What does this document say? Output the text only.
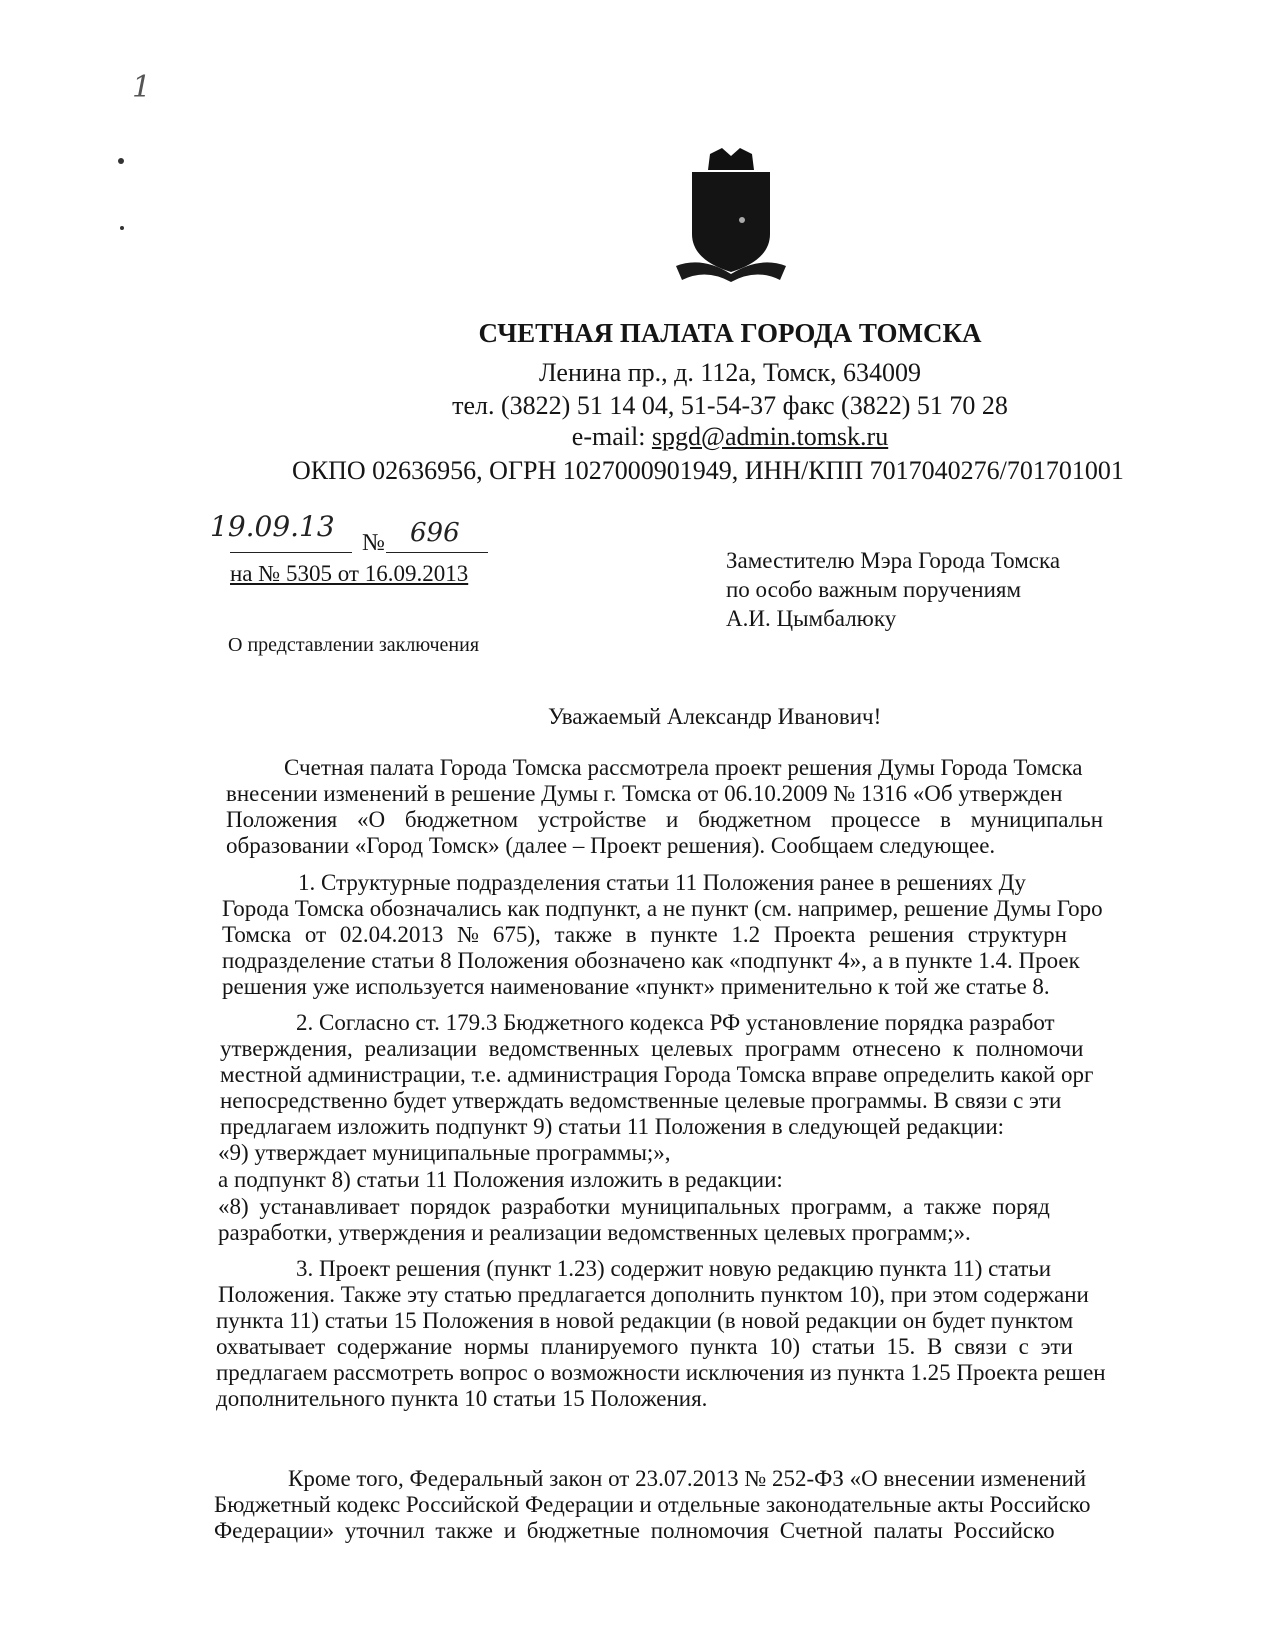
1
СЧЕТНАЯ ПАЛАТА ГОРОДА ТОМСКА
Ленина пр., д. 112а, Томск, 634009
тел. (3822) 51 14 04, 51-54-37 факс (3822) 51 70 28
e-mail: spgd@admin.tomsk.ru
ОКПО 02636956, ОГРН 1027000901949, ИНН/КПП 7017040276/701701001
19.09.13 № 696
на № 5305 от 16.09.2013
Заместителю Мэра Города Томска
по особо важным поручениям
А.И. Цымбалюку
О представлении заключения
Уважаемый Александр Иванович!
Счетная палата Города Томска рассмотрела проект решения Думы Города Томска
внесении изменений в решение Думы г. Томска от 06.10.2009 № 1316 «Об утвержден
Положения «О бюджетном устройстве и бюджетном процессе в муниципальн
образовании «Город Томск» (далее – Проект решения). Сообщаем следующее.
1. Структурные подразделения статьи 11 Положения ранее в решениях Ду
Города Томска обозначались как подпункт, а не пункт (см. например, решение Думы Горо
Томска от 02.04.2013 № 675), также в пункте 1.2 Проекта решения структурн
подразделение статьи 8 Положения обозначено как «подпункт 4», а в пункте 1.4. Проек
решения уже используется наименование «пункт» применительно к той же статье 8.
2. Согласно ст. 179.3 Бюджетного кодекса РФ установление порядка разработ
утверждения, реализации ведомственных целевых программ отнесено к полномочи
местной администрации, т.е. администрация Города Томска вправе определить какой орг
непосредственно будет утверждать ведомственные целевые программы. В связи с эти
предлагаем изложить подпункт 9) статьи 11 Положения в следующей редакции:
«9) утверждает муниципальные программы;»,
а подпункт 8) статьи 11 Положения изложить в редакции:
«8) устанавливает порядок разработки муниципальных программ, а также поряд
разработки, утверждения и реализации ведомственных целевых программ;».
3. Проект решения (пункт 1.23) содержит новую редакцию пункта 11) статьи
Положения. Также эту статью предлагается дополнить пунктом 10), при этом содержани
пункта 11) статьи 15 Положения в новой редакции (в новой редакции он будет пунктом
охватывает содержание нормы планируемого пункта 10) статьи 15. В связи с эти
предлагаем рассмотреть вопрос о возможности исключения из пункта 1.25 Проекта решен
дополнительного пункта 10 статьи 15 Положения.
Кроме того, Федеральный закон от 23.07.2013 № 252-ФЗ «О внесении изменений
Бюджетный кодекс Российской Федерации и отдельные законодательные акты Российско
Федерации» уточнил также и бюджетные полномочия Счетной палаты Российско
